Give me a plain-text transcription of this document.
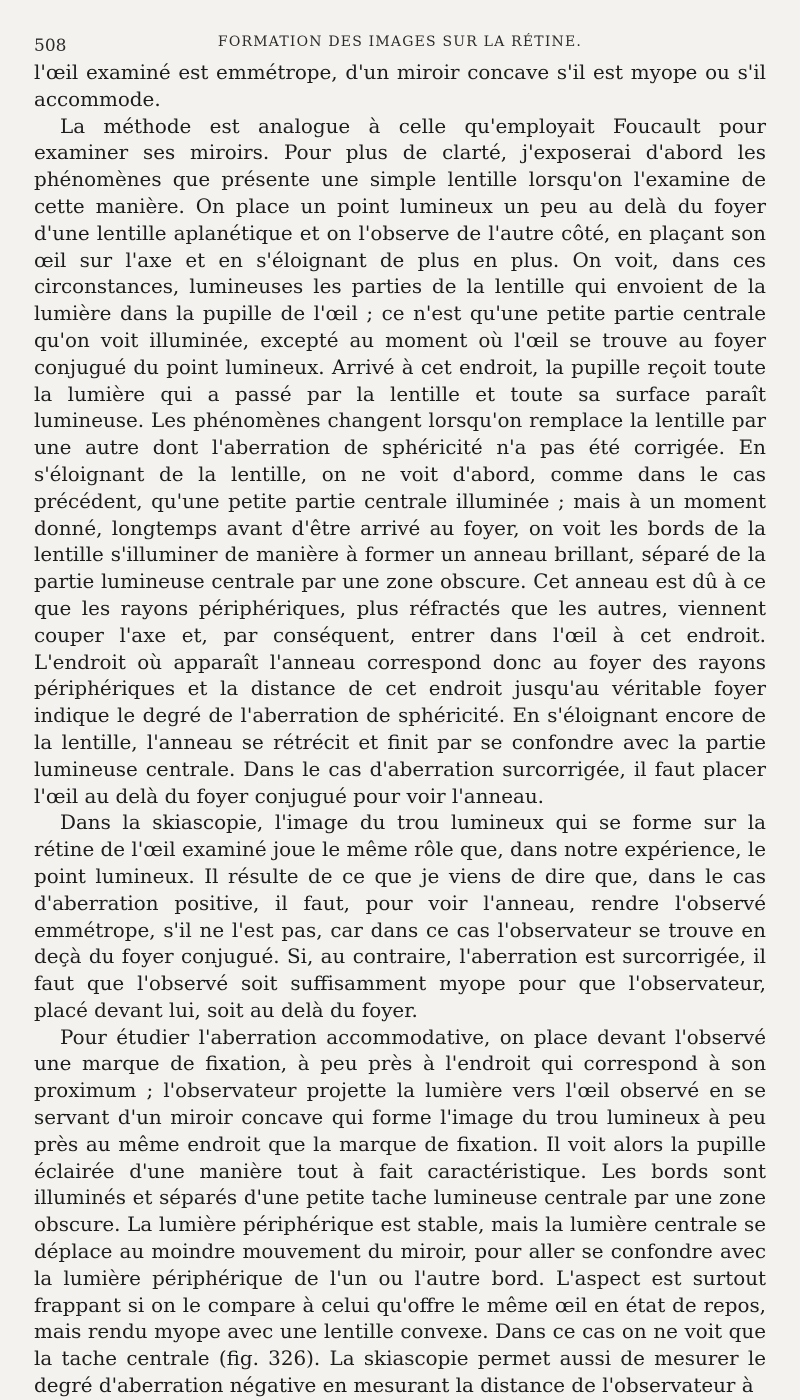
508	FORMATION DES IMAGES SUR LA RÉTINE.

l'œil examiné est emmétrope, d'un miroir concave s'il est myope ou s'il accommode.

La méthode est analogue à celle qu'employait Foucault pour examiner ses miroirs. Pour plus de clarté, j'exposerai d'abord les phénomènes que présente une simple lentille lorsqu'on l'examine de cette manière. On place un point lumineux un peu au delà du foyer d'une lentille aplanétique et on l'observe de l'autre côté, en plaçant son œil sur l'axe et en s'éloignant de plus en plus. On voit, dans ces circonstances, lumineuses les parties de la lentille qui envoient de la lumière dans la pupille de l'œil ; ce n'est qu'une petite partie centrale qu'on voit illuminée, excepté au moment où l'œil se trouve au foyer conjugué du point lumineux. Arrivé à cet endroit, la pupille reçoit toute la lumière qui a passé par la lentille et toute sa surface paraît lumineuse. Les phénomènes changent lorsqu'on remplace la lentille par une autre dont l'aberration de sphéricité n'a pas été corrigée. En s'éloignant de la lentille, on ne voit d'abord, comme dans le cas précédent, qu'une petite partie centrale illuminée ; mais à un moment donné, longtemps avant d'être arrivé au foyer, on voit les bords de la lentille s'illuminer de manière à former un anneau brillant, séparé de la partie lumineuse centrale par une zone obscure. Cet anneau est dû à ce que les rayons périphériques, plus réfractés que les autres, viennent couper l'axe et, par conséquent, entrer dans l'œil à cet endroit. L'endroit où apparaît l'anneau correspond donc au foyer des rayons périphériques et la distance de cet endroit jusqu'au véritable foyer indique le degré de l'aberration de sphéricité. En s'éloignant encore de la lentille, l'anneau se rétrécit et finit par se confondre avec la partie lumineuse centrale. Dans le cas d'aberration surcorrigée, il faut placer l'œil au delà du foyer conjugué pour voir l'anneau.

Dans la skiascopie, l'image du trou lumineux qui se forme sur la rétine de l'œil examiné joue le même rôle que, dans notre expérience, le point lumineux. Il résulte de ce que je viens de dire que, dans le cas d'aberration positive, il faut, pour voir l'anneau, rendre l'observé emmétrope, s'il ne l'est pas, car dans ce cas l'observateur se trouve en deçà du foyer conjugué. Si, au contraire, l'aberration est surcorrigée, il faut que l'observé soit suffisamment myope pour que l'observateur, placé devant lui, soit au delà du foyer.

Pour étudier l'aberration accommodative, on place devant l'observé une marque de fixation, à peu près à l'endroit qui correspond à son proximum ; l'observateur projette la lumière vers l'œil observé en se servant d'un miroir concave qui forme l'image du trou lumineux à peu près au même endroit que la marque de fixation. Il voit alors la pupille éclairée d'une manière tout à fait caractéristique. Les bords sont illuminés et séparés d'une petite tache lumineuse centrale par une zone obscure. La lumière périphérique est stable, mais la lumière centrale se déplace au moindre mouvement du miroir, pour aller se confondre avec la lumière périphérique de l'un ou l'autre bord. L'aspect est surtout frappant si on le compare à celui qu'offre le même œil en état de repos, mais rendu myope avec une lentille convexe. Dans ce cas on ne voit que la tache centrale (fig. 326). La skiascopie permet aussi de mesurer le degré d'aberration négative en mesurant la distance de l'observateur à
